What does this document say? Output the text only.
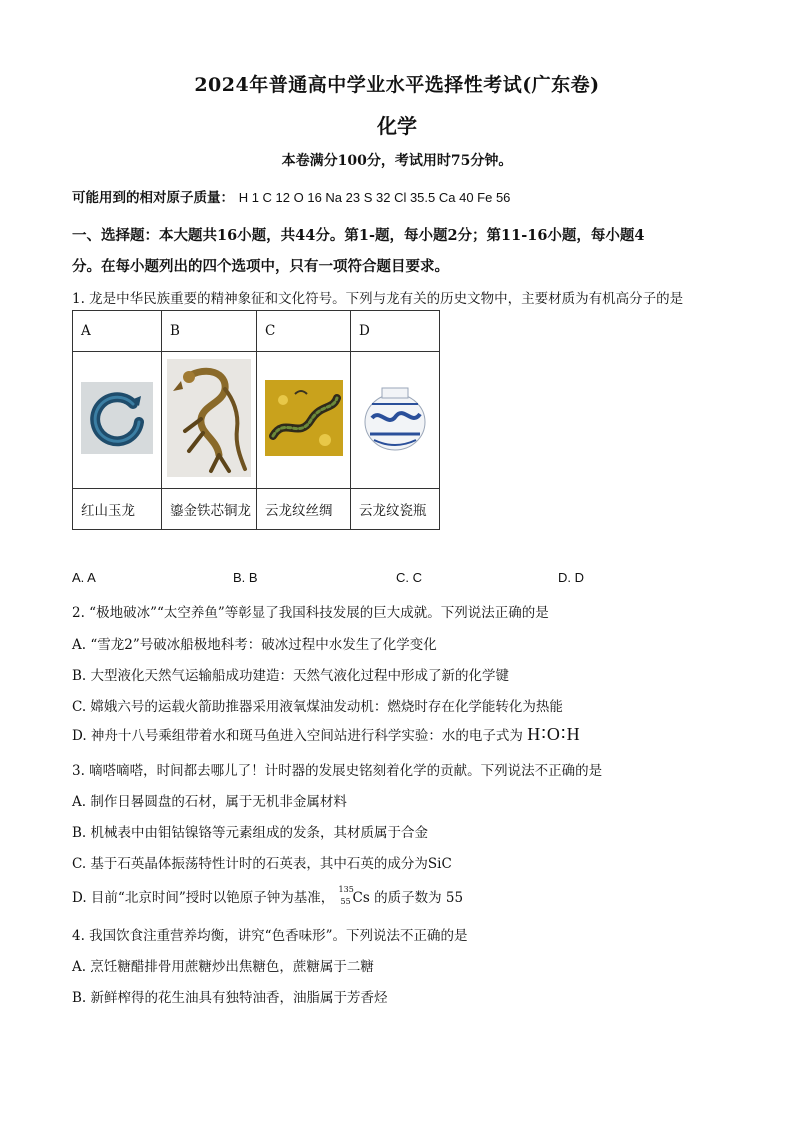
2024年普通高中学业水平选择性考试(广东卷)
化学
本卷满分100分，考试用时75分钟。
可能用到的相对原子质量： H 1 C 12 O 16 Na 23 S 32 Cl 35.5 Ca 40 Fe 56
一、选择题：本大题共16小题，共44分。第1-题，每小题2分；第11-16小题，每小题4
分。在每小题列出的四个选项中，只有一项符合题目要求。
1. 龙是中华民族重要的精神象征和文化符号。下列与龙有关的历史文物中，主要材质为有机高分子的是
A	B	C	D

红山玉龙	鎏金铁芯铜龙	云龙纹丝绸	云龙纹瓷瓶
A. A	B. B	C. C	D. D
2. “极地破冰”“太空养鱼”等彰显了我国科技发展的巨大成就。下列说法正确的是
A. “雪龙2”号破冰船极地科考：破冰过程中水发生了化学变化
B. 大型液化天然气运输船成功建造：天然气液化过程中形成了新的化学键
C. 嫦娥六号的运载火箭助推器采用液氧煤油发动机：燃烧时存在化学能转化为热能
D. 神舟十八号乘组带着水和斑马鱼进入空间站进行科学实验：水的电子式为 H∶O∶H
3. 嘀嗒嘀嗒，时间都去哪儿了！计时器的发展史铭刻着化学的贡献。下列说法不正确的是
A. 制作日晷圆盘的石材，属于无机非金属材料
B. 机械表中由钼钴镍铬等元素组成的发条，其材质属于合金
C. 基于石英晶体振荡特性计时的石英表，其中石英的成分为SiC
D. 目前“北京时间”授时以铯原子钟为基准，
135
55 Cs 的质子数为 55
4. 我国饮食注重营养均衡，讲究“色香味形”。下列说法不正确的是
A. 烹饪糖醋排骨用蔗糖炒出焦糖色，蔗糖属于二糖
B. 新鲜榨得的花生油具有独特油香，油脂属于芳香烃
